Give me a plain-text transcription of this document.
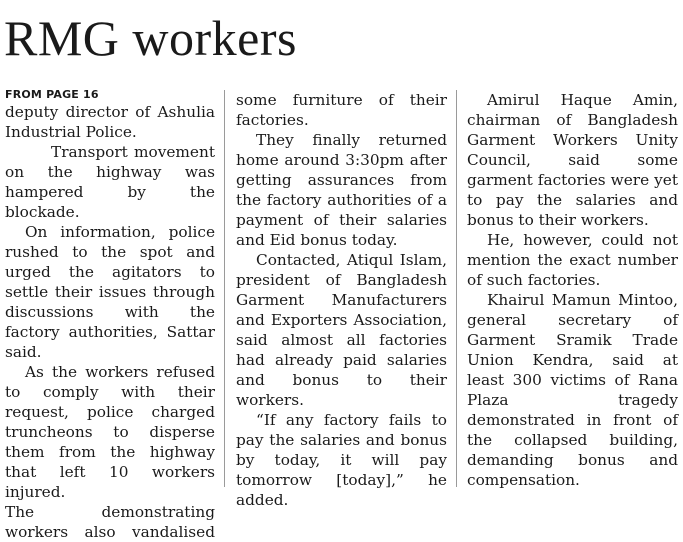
RMG workers
FROM PAGE 16

deputy director of Ashulia Industrial Police.

Transport movement on the highway was hampered by the blockade.

On information, police rushed to the spot and urged the agitators to settle their issues through discussions with the factory authorities, Sattar said.

As the workers refused to comply with their request, police charged truncheons to disperse them from the highway that left 10 workers injured.

The demonstrating workers also vandalised

some furniture of their factories.

They finally returned home around 3:30pm after getting assurances from the factory authorities of a payment of their salaries and Eid bonus today.

Contacted, Atiqul Islam, president of Bangladesh Garment Manufacturers and Exporters Association, said almost all factories had already paid salaries and bonus to their workers.

“If any factory fails to pay the salaries and bonus by today, it will pay tomorrow [today],” he added.

Amirul Haque Amin, chairman of Bangladesh Garment Workers Unity Council, said some garment factories were yet to pay the salaries and bonus to their workers.

He, however, could not mention the exact number of such factories.

Khairul Mamun Mintoo, general secretary of Garment Sramik Trade Union Kendra, said at least 300 victims of Rana Plaza tragedy demonstrated in front of the collapsed building, demanding bonus and compensation.
